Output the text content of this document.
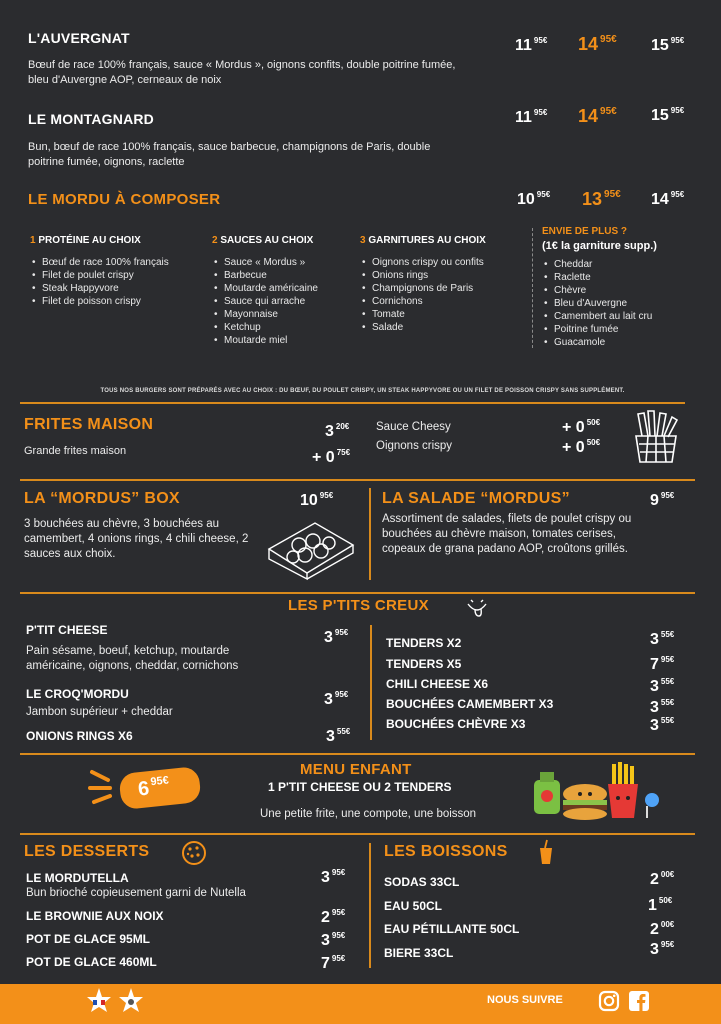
L'AUVERGNAT
Bœuf de race 100% français, sauce « Mordus », oignons confits, double poitrine fumée, bleu d'Auvergne AOP, cerneaux de noix
11 $^{95€}$ 14 $^{95€}$ 15 $^{95€}$
LE MONTAGNARD
Bun, bœuf de race 100% français, sauce barbecue, champignons de Paris, double poitrine fumée, oignons, raclette
11 $^{95€}$ 14 $^{95€}$ 15 $^{95€}$
LE MORDU À COMPOSER	10 $^{95€}$ 13 $^{95€}$ 14 $^{95€}$
1 PROTÉINE AU CHOIX
• Bœuf de race 100% français
• Filet de poulet crispy
• Steak Happyvore
• Filet de poisson crispy
2 SAUCES AU CHOIX
• Sauce « Mordus »
• Barbecue
• Moutarde américaine
• Sauce qui arrache
• Mayonnaise
• Ketchup
• Moutarde miel
3 GARNITURES AU CHOIX
• Oignons crispy ou confits
• Onions rings
• Champignons de Paris
• Cornichons
• Tomate
• Salade
ENVIE DE PLUS ?
(1€ la garniture supp.)
• Cheddar
• Raclette
• Chèvre
• Bleu d'Auvergne
• Camembert au lait cru
• Poitrine fumée
• Guacamole
TOUS NOS BURGERS SONT PRÉPARÉS AVEC AU CHOIX : DU BŒUF, DU POULET CRISPY, UN STEAK HAPPYVORE OU UN FILET DE POISSON CRISPY SANS SUPPLÉMENT.
FRITES MAISON
Grande frites maison
3 $^{20€}$
+ 0 $^{75€}$
Sauce Cheesy
Oignons crispy
+ 0 $^{50€}$
+ 0 $^{50€}$
LA “MORDUS” BOX	10 $^{95€}$
3 bouchées au chèvre, 3 bouchées au camembert, 4 onions rings, 4 chili cheese, 2 sauces aux choix.
LA SALADE “MORDUS”	9 $^{95€}$
Assortiment de salades, filets de poulet crispy ou bouchées au chèvre maison, tomates cerises, copeaux de grana padano AOP, croûtons grillés.
LES P'TITS CREUX
P'TIT CHEESE
Pain sésame, boeuf, ketchup, moutarde américaine, oignons, cheddar, cornichons
3 $^{95€}$
LE CROQ'MORDU
Jambon supérieur + cheddar
3 $^{95€}$
ONIONS RINGS X6	3 $^{55€}$
TENDERS X2	3 $^{55€}$
TENDERS X5	7 $^{95€}$
CHILI CHEESE X6	3 $^{55€}$
BOUCHÉES CAMEMBERT X3	3 $^{55€}$
BOUCHÉES CHÈVRE X3	3 $^{55€}$
$6^{95€}$
MENU ENFANT
1 P'TIT CHEESE OU 2 TENDERS
Une petite frite, une compote, une boisson
LES DESSERTS
LE MORDUTELLA
Bun brioché copieusement garni de Nutella
3 $^{95€}$
LE BROWNIE AUX NOIX	2 $^{95€}$
POT DE GLACE 95ML	3 $^{95€}$
POT DE GLACE 460ML	7 $^{95€}$
LES BOISSONS
SODAS 33CL	2 $^{00€}$
EAU 50CL	1 $^{50€}$
EAU PÉTILLANTE 50CL	2 $^{00€}$
BIERE 33CL	3 $^{95€}$
NOUS SUIVRE
